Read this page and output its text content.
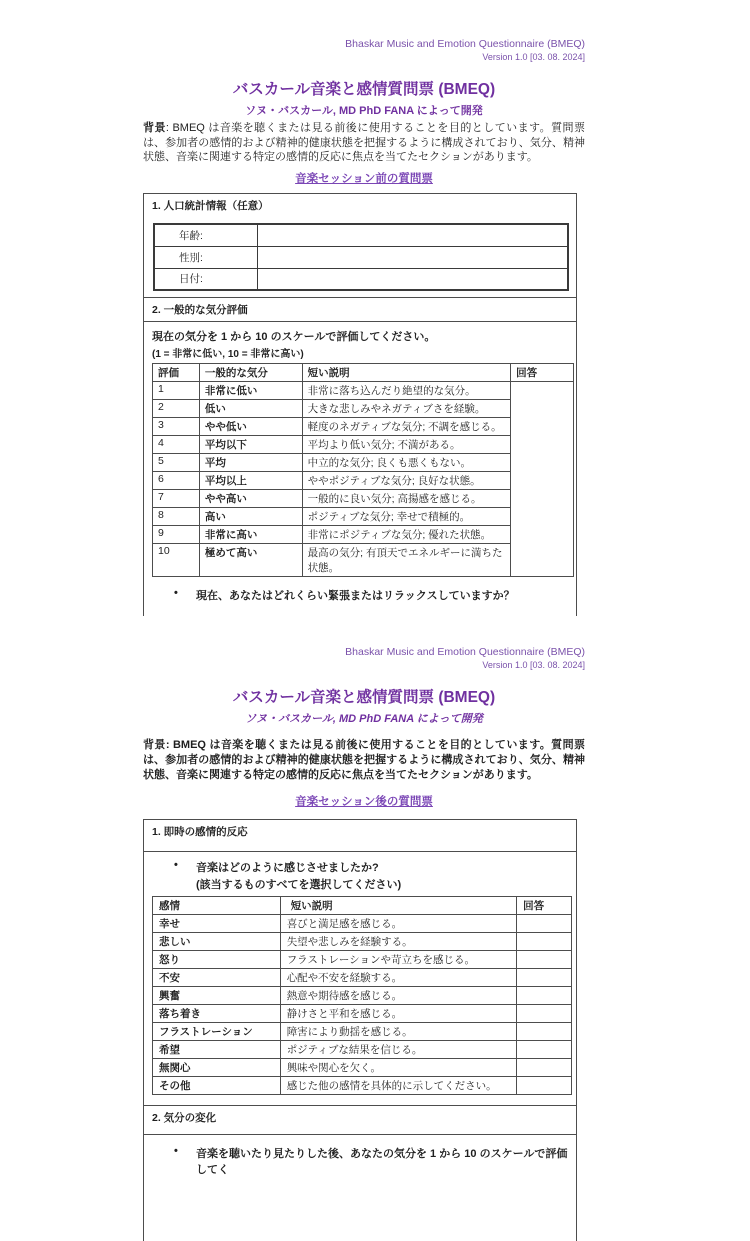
Bhaskar Music and Emotion Questionnaire (BMEQ)
Version 1.0 [03. 08. 2024]
バスカール音楽と感情質問票 (BMEQ)
ソヌ・バスカール, MD PhD FANA によって開発
背景: BMEQ は音楽を聴くまたは見る前後に使用することを目的としています。質問票は、参加者の感情的および精神的健康状態を把握するように構成されており、気分、精神状態、音楽に関連する特定の感情的反応に焦点を当てたセクションがあります。
音楽セッション前の質問票
1. 人口統計情報（任意）
年齢:	
性別:	
日付:	
2. 一般的な気分評価
現在の気分を 1 から 10 のスケールで評価してください。
(1 = 非常に低い, 10 = 非常に高い)
評価	一般的な気分	短い説明	回答
1	非常に低い	非常に落ち込んだり絶望的な気分。	
2	低い	大きな悲しみやネガティブさを経験。	
3	やや低い	軽度のネガティブな気分; 不調を感じる。	
4	平均以下	平均より低い気分; 不満がある。	
5	平均	中立的な気分; 良くも悪くもない。	
6	平均以上	ややポジティブな気分; 良好な状態。	
7	やや高い	一般的に良い気分; 高揚感を感じる。	
8	高い	ポジティブな気分; 幸せで積極的。	
9	非常に高い	非常にポジティブな気分; 優れた状態。	
10	極めて高い	最高の気分; 有頂天でエネルギーに満ちた状態。	
•	現在、あなたはどれくらい緊張またはリラックスしていますか？
Bhaskar Music and Emotion Questionnaire (BMEQ)
Version 1.0 [03. 08. 2024]
バスカール音楽と感情質問票 (BMEQ)
ソヌ・バスカール, MD PhD FANA によって開発
背景: BMEQ は音楽を聴くまたは見る前後に使用することを目的としています。質問票は、参加者の感情的および精神的健康状態を把握するように構成されており、気分、精神状態、音楽に関連する特定の感情的反応に焦点を当てたセクションがあります。
音楽セッション後の質問票
1. 即時の感情的反応
•	音楽はどのように感じさせましたか?
(該当するものすべてを選択してください)
感情	短い説明	回答
幸せ	喜びと満足感を感じる。	
悲しい	失望や悲しみを経験する。	
怒り	フラストレーションや苛立ちを感じる。	
不安	心配や不安を経験する。	
興奮	熱意や期待感を感じる。	
落ち着き	静けさと平和を感じる。	
フラストレーション	障害により動揺を感じる。	
希望	ポジティブな結果を信じる。	
無関心	興味や関心を欠く。	
その他	感じた他の感情を具体的に示してください。	
2. 気分の変化
•	音楽を聴いたり見たりした後、あなたの気分を 1 から 10 のスケールで評価してく
